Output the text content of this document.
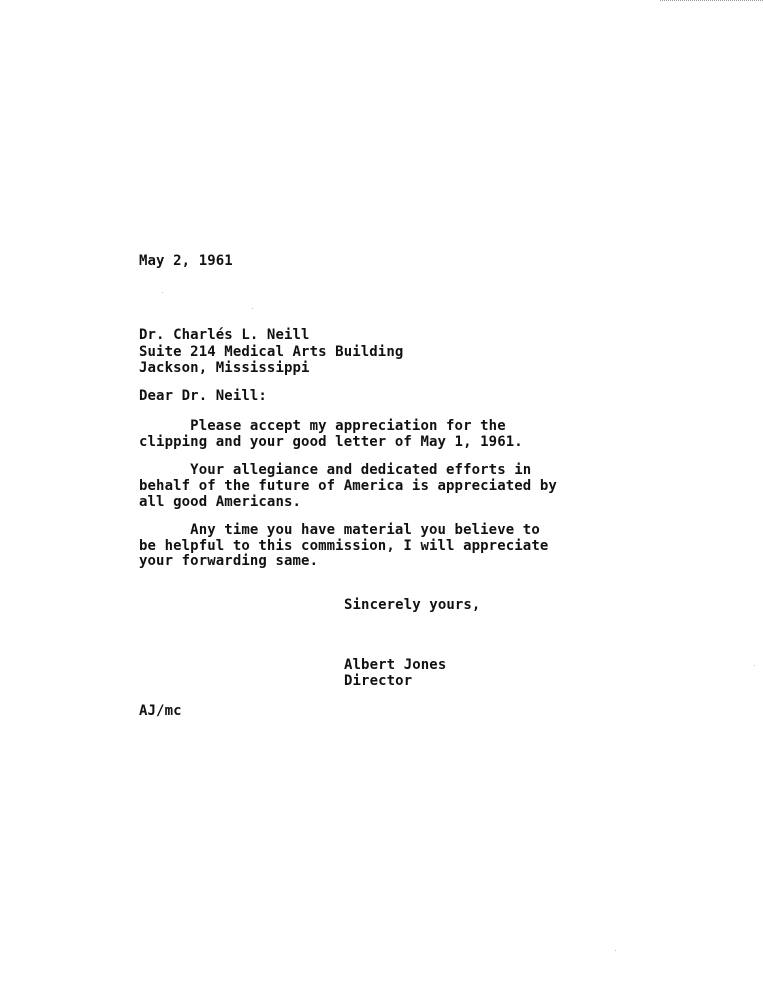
May 2, 1961
Dr. Charlés L. Neill
Suite 214 Medical Arts Building
Jackson, Mississippi
Dear Dr. Neill:
Please accept my appreciation for the
clipping and your good letter of May 1, 1961.
Your allegiance and dedicated efforts in
behalf of the future of America is appreciated by
all good Americans.
Any time you have material you believe to
be helpful to this commission, I will appreciate
your forwarding same.
Sincerely yours,
Albert Jones
Director
AJ/mc
